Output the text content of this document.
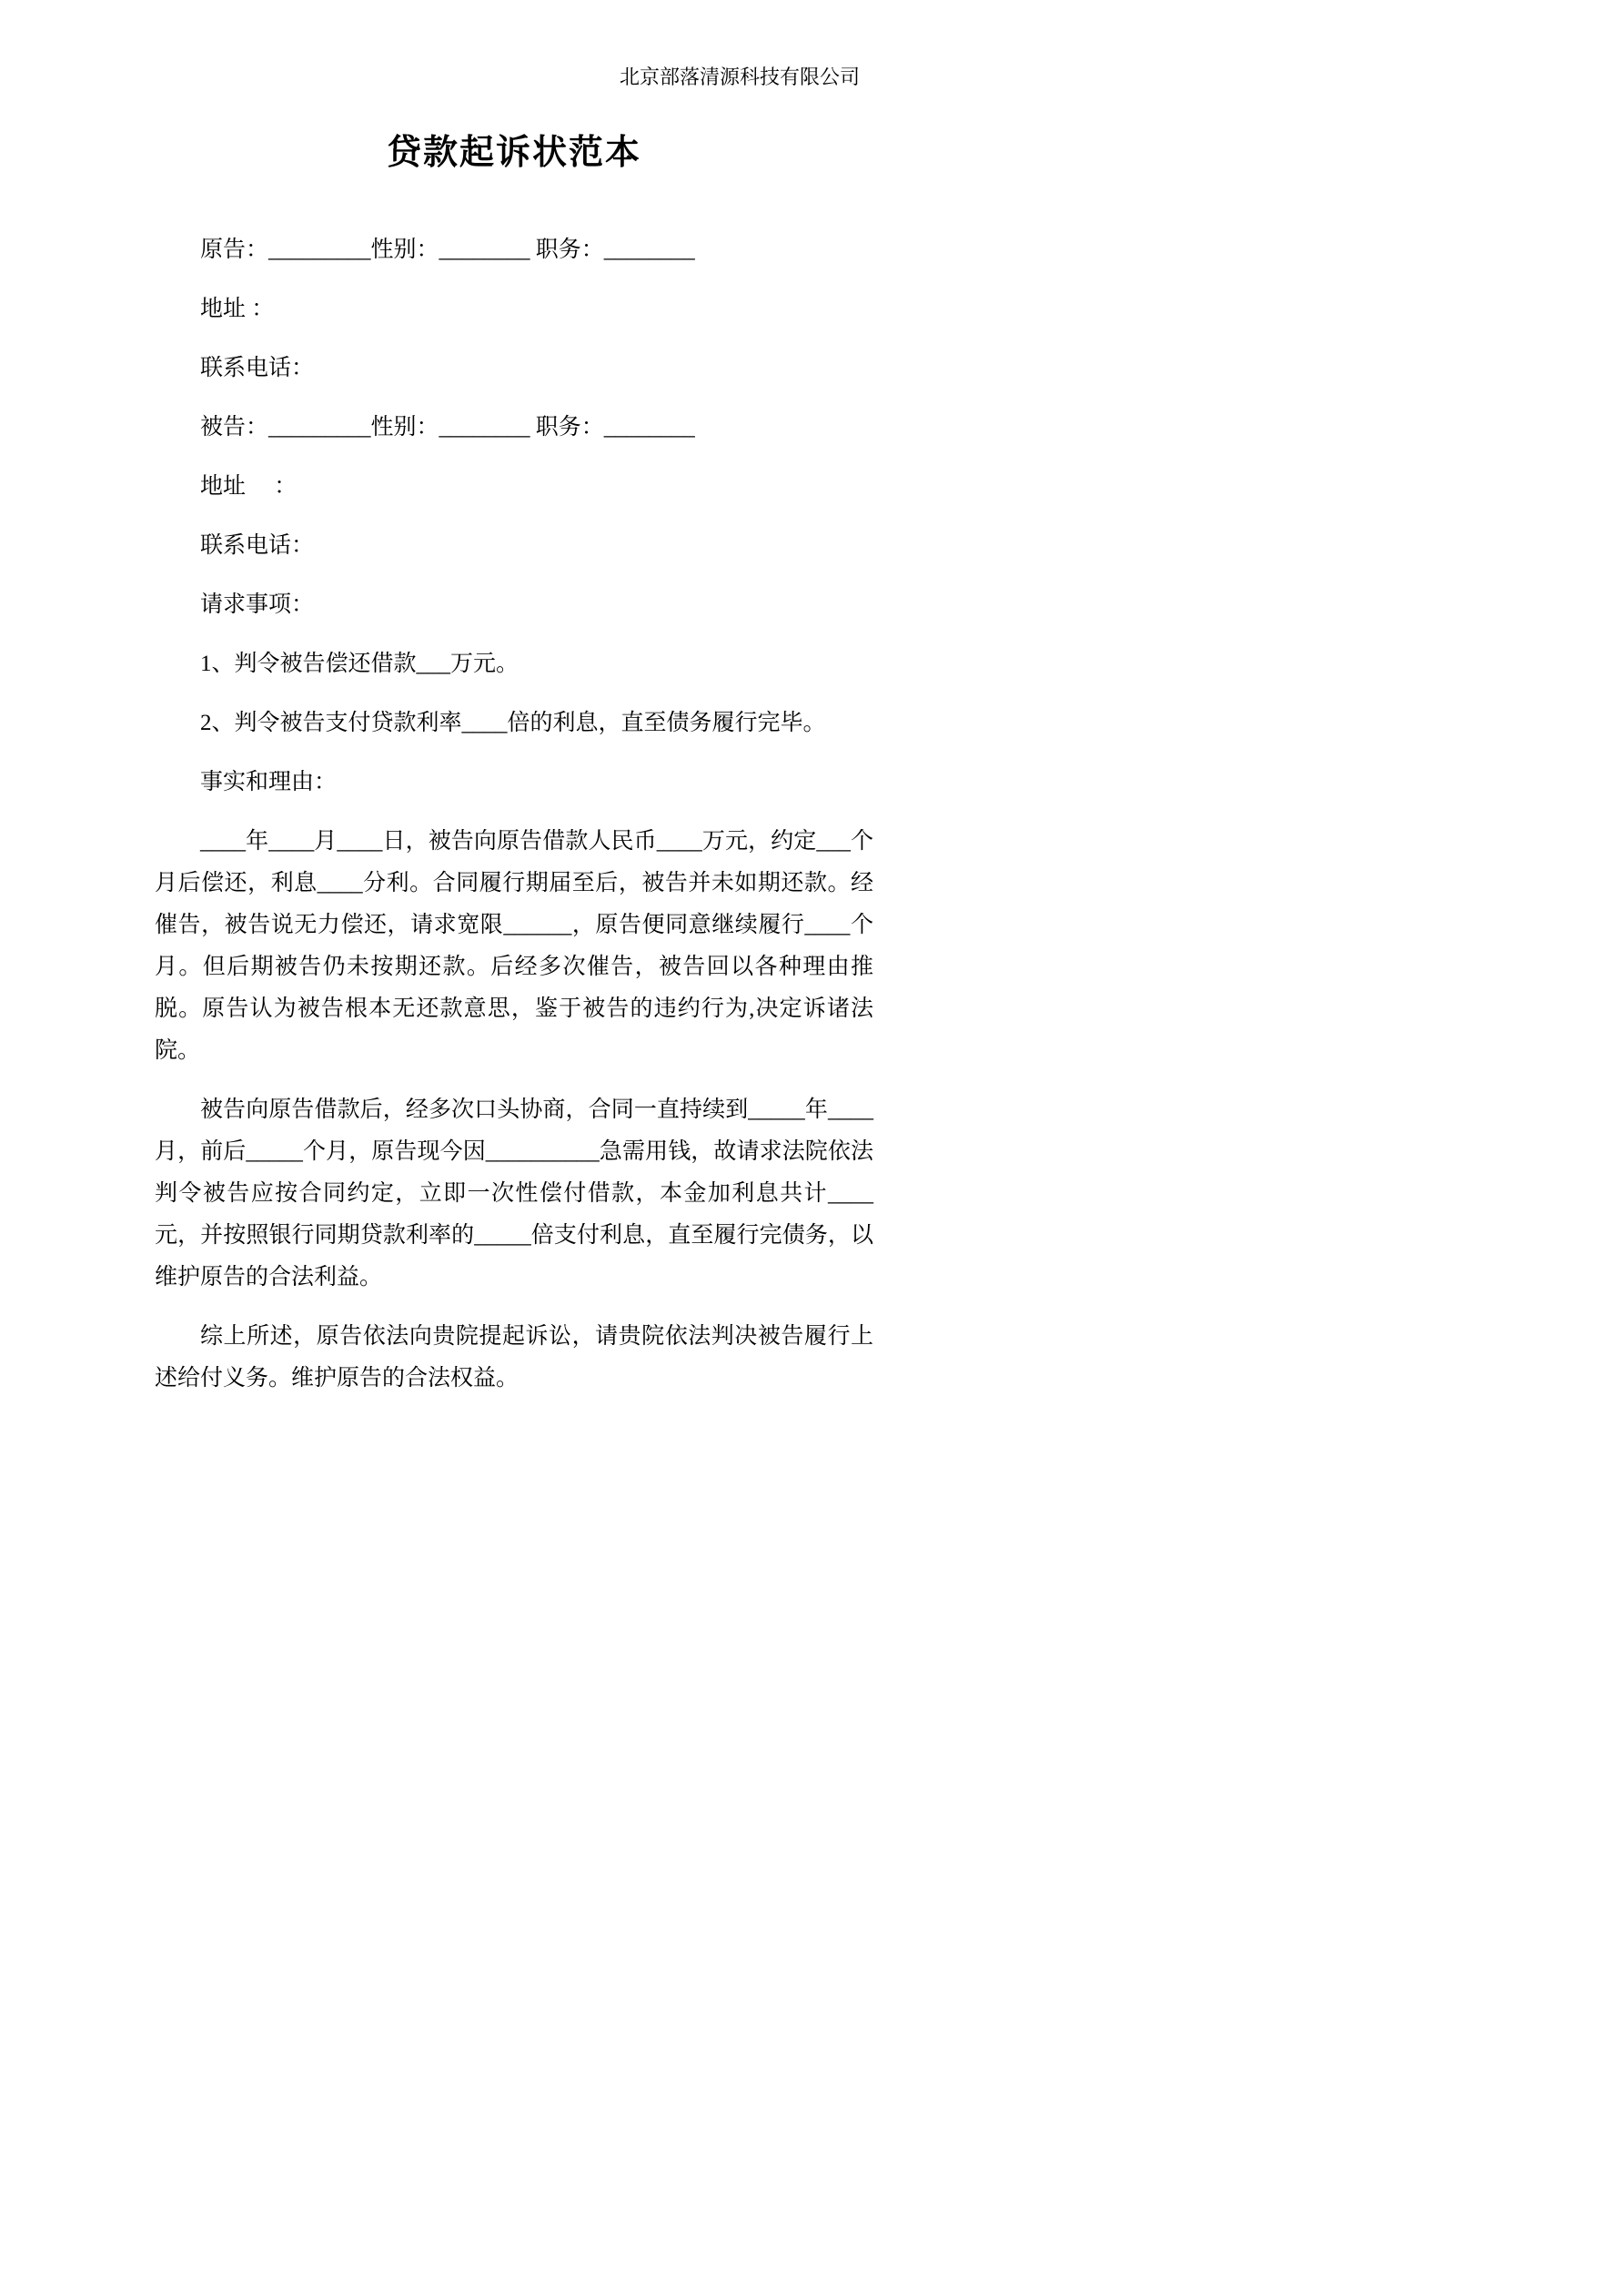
北京部落清源科技有限公司
贷款起诉状范本

原告：_________性别：________ 职务：________

地址 ：

联系电话：

被告：_________性别：________ 职务：________

地址　 ：

联系电话：

请求事项：

1、判令被告偿还借款___万元。

2、判令被告支付贷款利率____倍的利息，直至债务履行完毕。

事实和理由：

____年____月____日，被告向原告借款人民币____万元，约定___个月后偿还，利息____分利。合同履行期届至后，被告并未如期还款。经催告，被告说无力偿还，请求宽限______，原告便同意继续履行____个月。但后期被告仍未按期还款。后经多次催告，被告回以各种理由推脱。原告认为被告根本无还款意思，鉴于被告的违约行为,决定诉诸法院。

被告向原告借款后，经多次口头协商，合同一直持续到_____年____月，前后_____个月，原告现今因__________急需用钱，故请求法院依法判令被告应按合同约定，立即一次性偿付借款，本金加利息共计____元，并按照银行同期贷款利率的_____倍支付利息，直至履行完债务，以维护原告的合法利益。

综上所述，原告依法向贵院提起诉讼，请贵院依法判决被告履行上述给付义务。维护原告的合法权益。
